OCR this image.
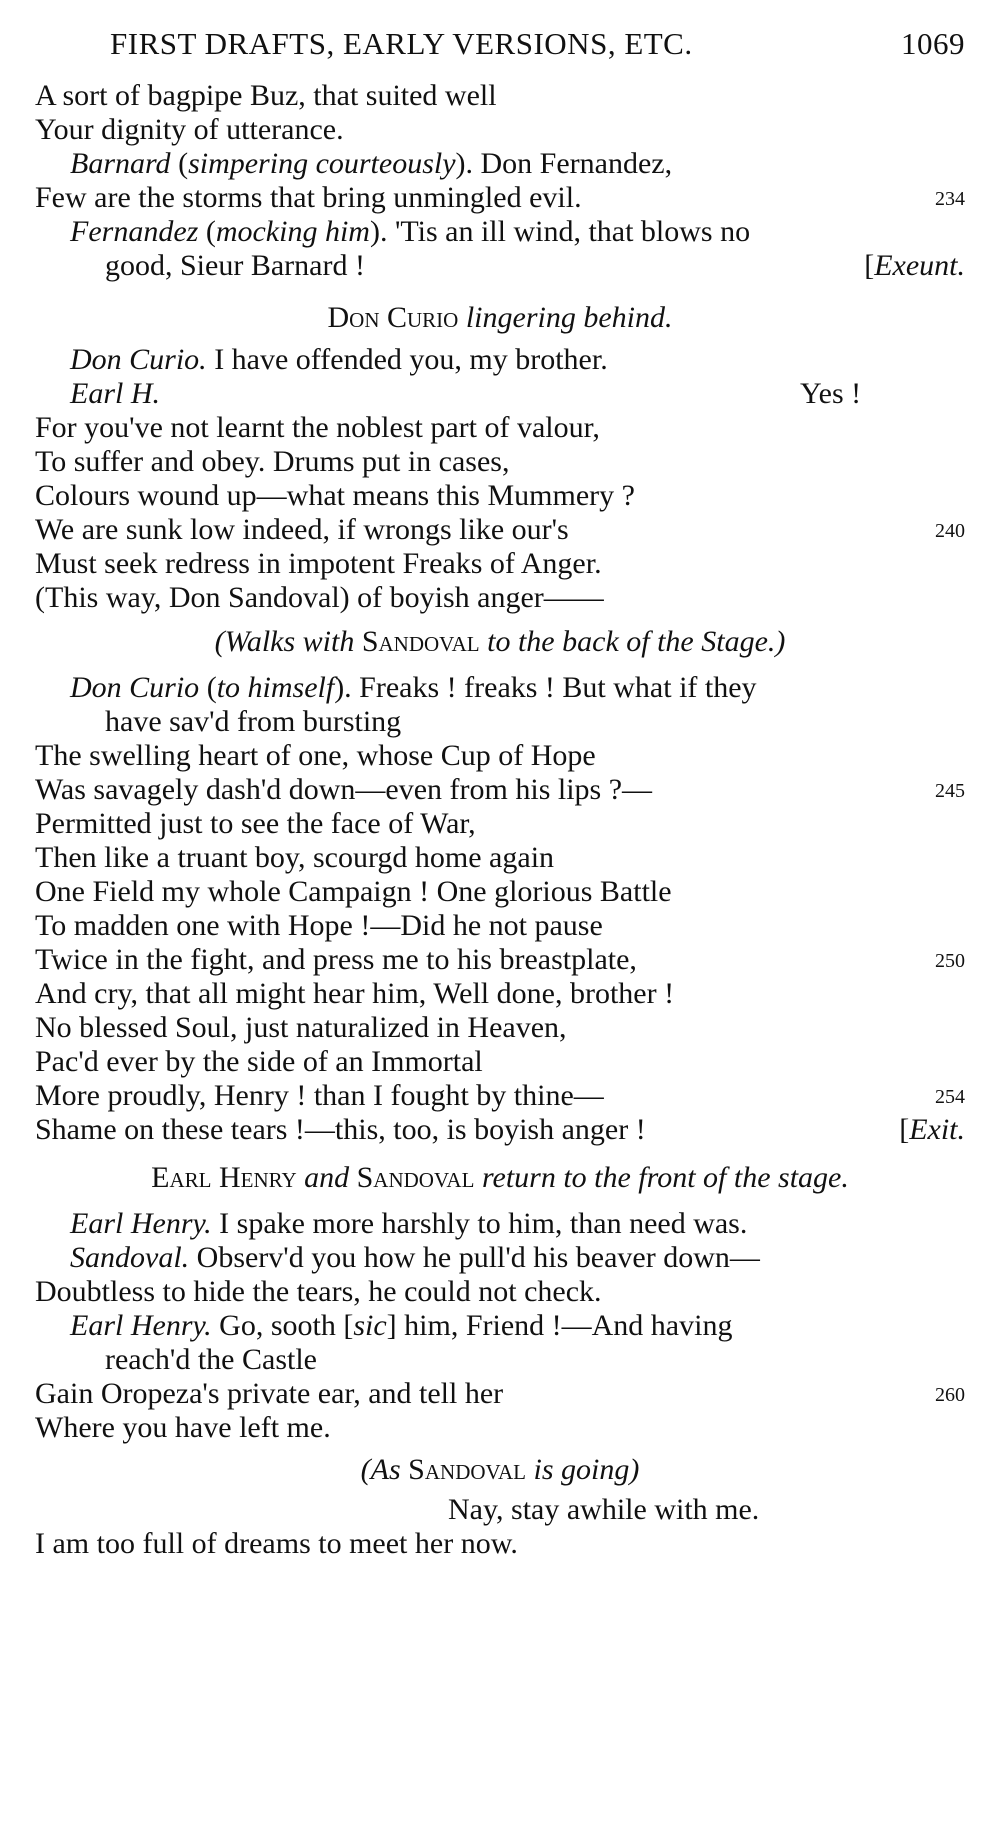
FIRST DRAFTS, EARLY VERSIONS, ETC.	1069
A sort of bagpipe Buz, that suited well
Your dignity of utterance.
Barnard (simpering courteously). Don Fernandez,
Few are the storms that bring unmingled evil.	234
Fernandez (mocking him). 'Tis an ill wind, that blows no
good, Sieur Barnard !	[Exeunt.
Don Curio lingering behind.
Don Curio. I have offended you, my brother.
Earl H.	Yes !
For you've not learnt the noblest part of valour,
To suffer and obey. Drums put in cases,
Colours wound up—what means this Mummery ?
We are sunk low indeed, if wrongs like our's	240
Must seek redress in impotent Freaks of Anger.
(This way, Don Sandoval) of boyish anger——
(Walks with Sandoval to the back of the Stage.)
Don Curio (to himself). Freaks ! freaks ! But what if they
have sav'd from bursting
The swelling heart of one, whose Cup of Hope
Was savagely dash'd down—even from his lips ?—	245
Permitted just to see the face of War,
Then like a truant boy, scourgd home again
One Field my whole Campaign ! One glorious Battle
To madden one with Hope !—Did he not pause
Twice in the fight, and press me to his breastplate,	250
And cry, that all might hear him, Well done, brother !
No blessed Soul, just naturalized in Heaven,
Pac'd ever by the side of an Immortal
More proudly, Henry ! than I fought by thine—	254
Shame on these tears !—this, too, is boyish anger !	[Exit.
Earl Henry and Sandoval return to the front of the stage.
Earl Henry. I spake more harshly to him, than need was.
Sandoval. Observ'd you how he pull'd his beaver down—
Doubtless to hide the tears, he could not check.
Earl Henry. Go, sooth [sic] him, Friend !—And having
reach'd the Castle
Gain Oropeza's private ear, and tell her	260
Where you have left me.
(As Sandoval is going)
Nay, stay awhile with me.
I am too full of dreams to meet her now.
